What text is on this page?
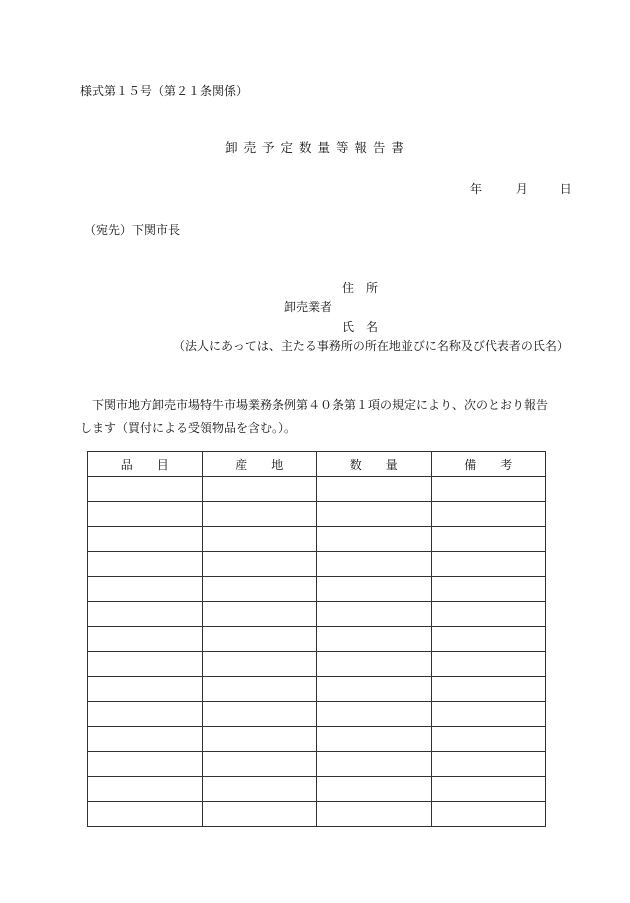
様式第１５号（第２１条関係）
卸 売 予 定 数 量 等 報 告 書
年	月	日
（宛先）下関市長
住　所
卸売業者
氏　名
（法人にあっては、主たる事務所の所在地並びに名称及び代表者の氏名）
下関市地方卸売市場特牛市場業務条例第４０条第１項の規定により、次のとおり報告します（買付による受領物品を含む。）。
品　　目	産　　地	数　　量	備　　考
